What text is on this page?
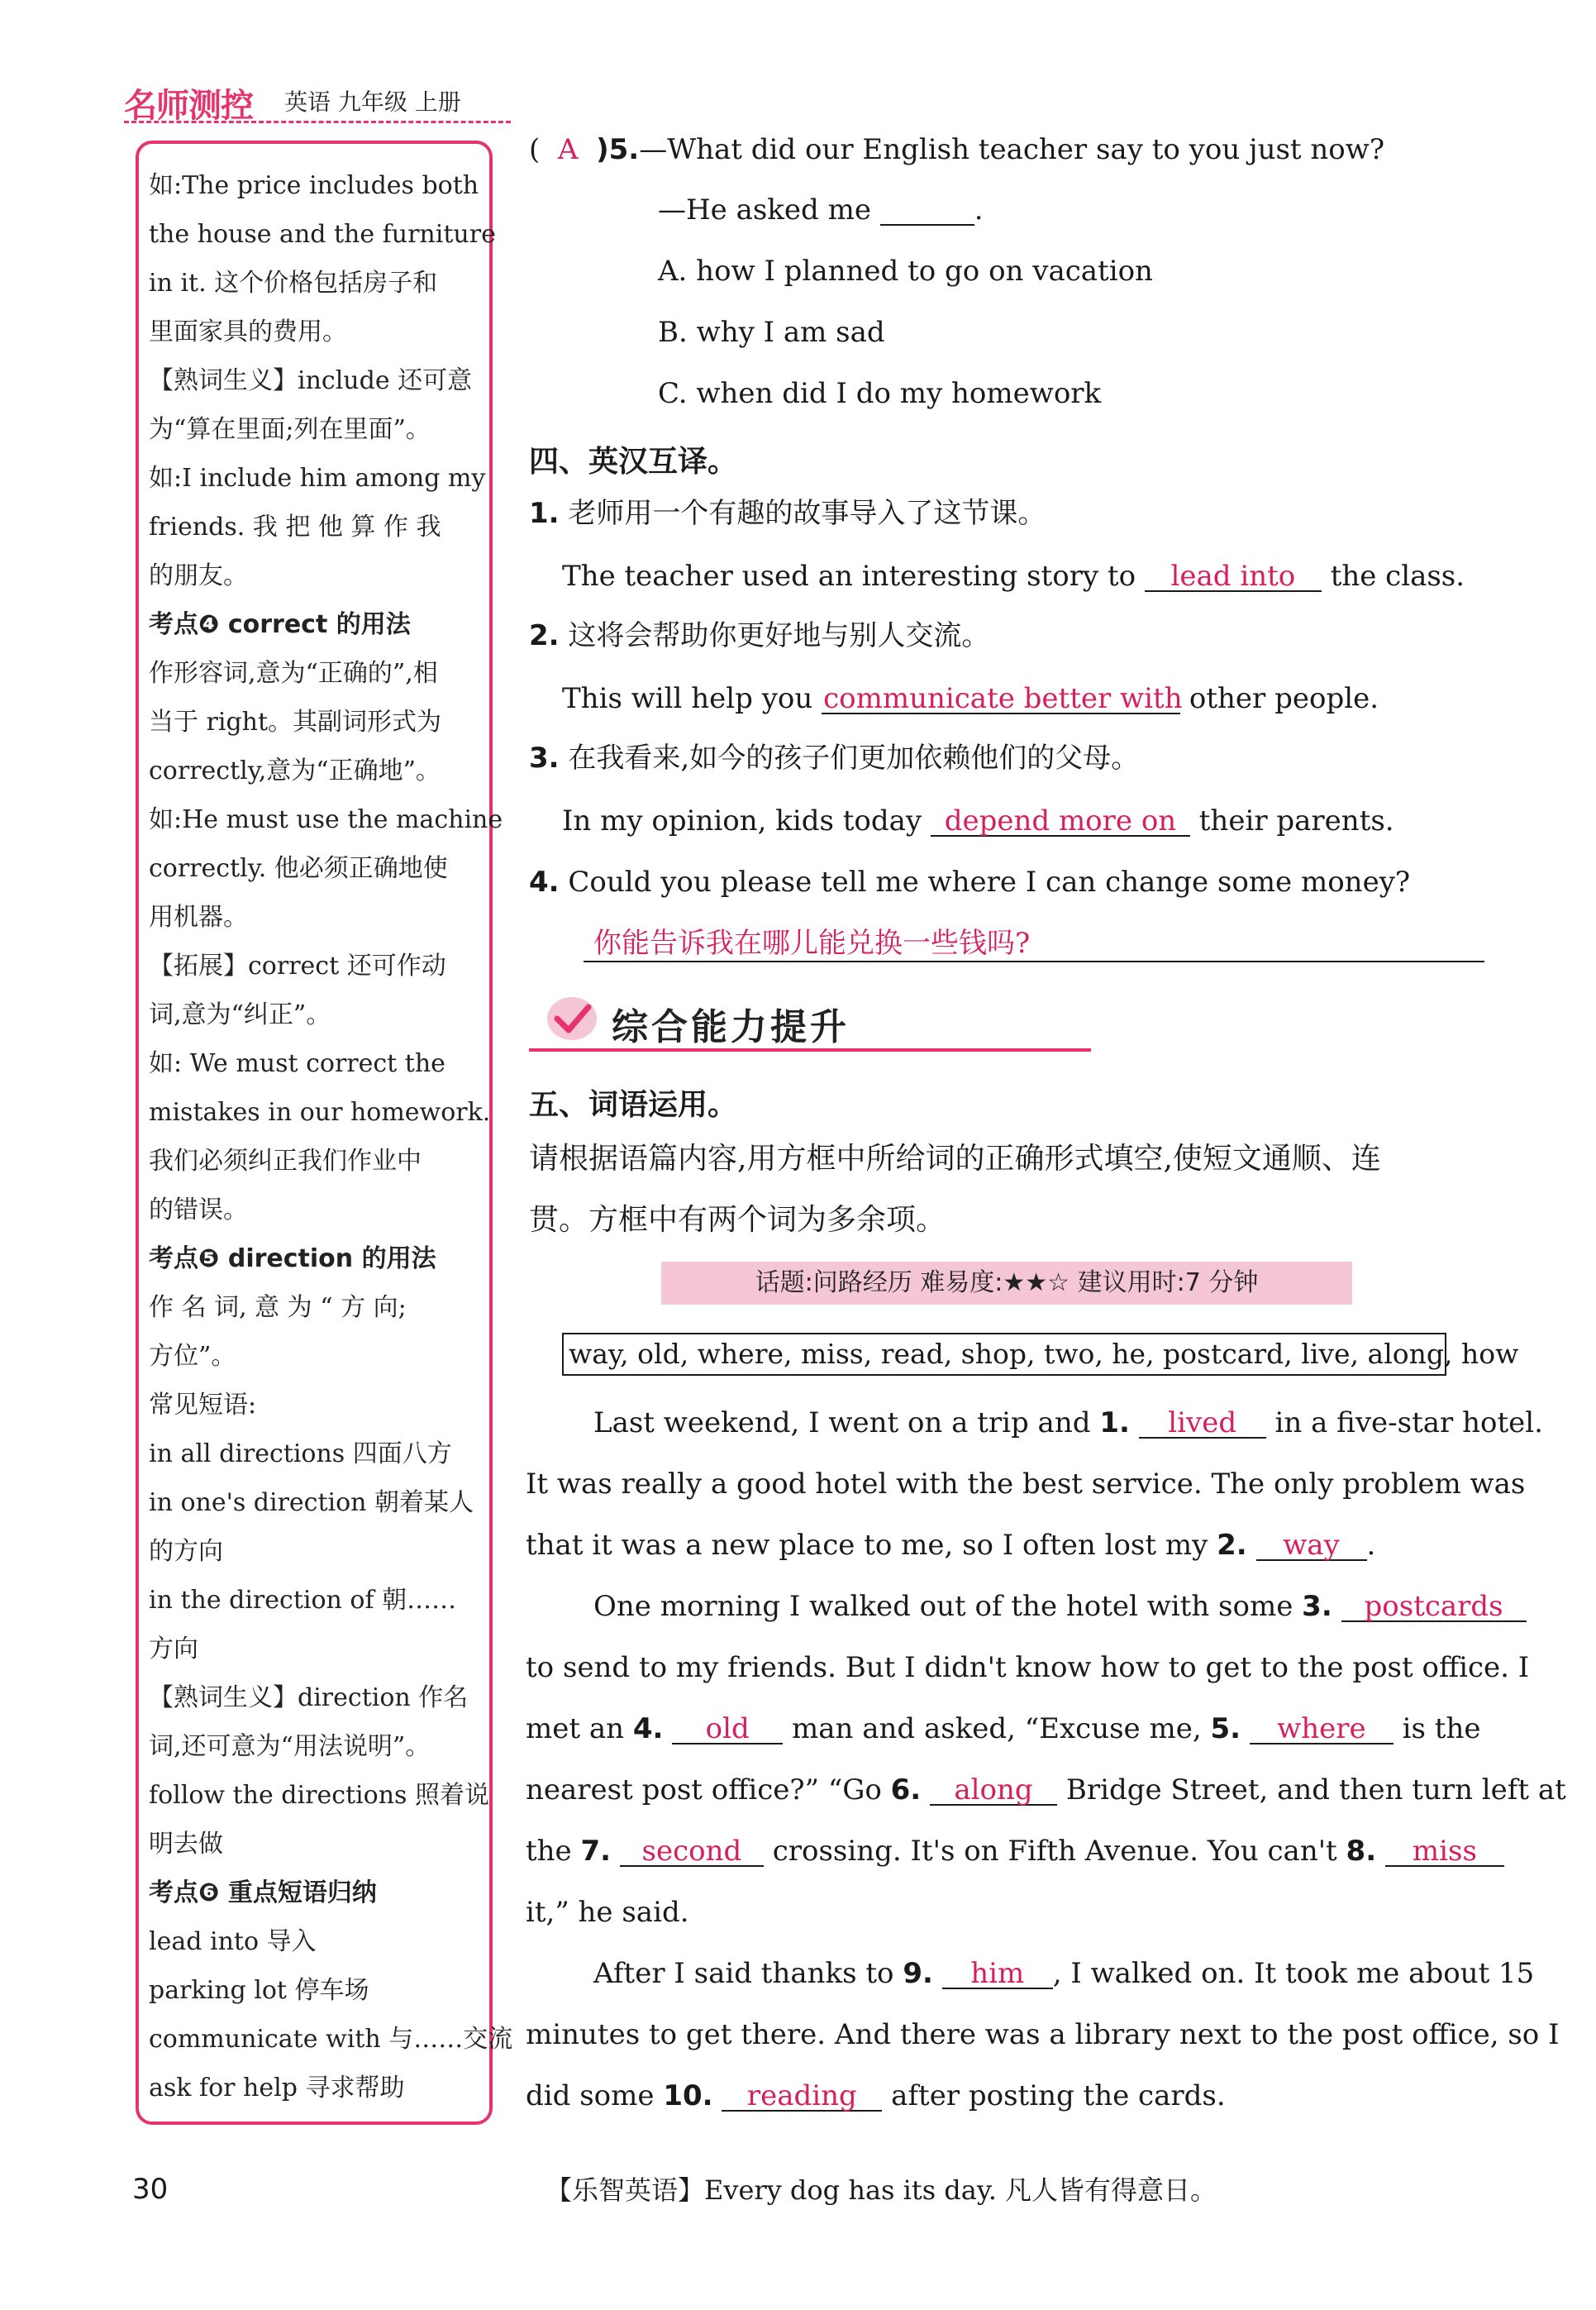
名师测控 英语 九年级 上册
如:The price includes both
the house and the furniture
in it. 这个价格包括房子和
里面家具的费用。
【熟词生义】include 还可意
为“算在里面;列在里面”。
如:I include him among my
friends. 我 把 他 算 作 我
的朋友。
考点❹ correct 的用法
作形容词,意为“正确的”,相
当于 right。其副词形式为
correctly,意为“正确地”。
如:He must use the machine
correctly. 他必须正确地使
用机器。
【拓展】correct 还可作动
词,意为“纠正”。
如: We must correct the
mistakes in our homework.
我们必须纠正我们作业中
的错误。
考点❺ direction 的用法
作 名 词, 意 为 “ 方 向;
方位”。
常见短语:
in all directions 四面八方
in one's direction 朝着某人
的方向
in the direction of 朝……
方向
【熟词生义】direction 作名
词,还可意为“用法说明”。
follow the directions 照着说
明去做
考点❻ 重点短语归纳
lead into 导入
parking lot 停车场
communicate with 与……交流
ask for help 寻求帮助
(  A )5.—What did our English teacher say to you just now?
—He asked me	.
A. how I planned to go on vacation
B. why I am sad
C. when did I do my homework
四、英汉互译。
1. 老师用一个有趣的故事导入了这节课。
The teacher used an interesting story to lead into the class.
2. 这将会帮助你更好地与别人交流。
This will help you communicate better with other people.
3. 在我看来,如今的孩子们更加依赖他们的父母。
In my opinion, kids today depend more on their parents.
4. Could you please tell me where I can change some money?
你能告诉我在哪儿能兑换一些钱吗?
综合能力提升
五、词语运用。
请根据语篇内容,用方框中所给词的正确形式填空,使短文通顺、连
贯。方框中有两个词为多余项。
话题:问路经历 难易度:★★☆ 建议用时:7 分钟
way, old, where, miss, read, shop, two, he, postcard, live, along, how
Last weekend, I went on a trip and 1. lived in a five-star hotel.
It was really a good hotel with the best service. The only problem was
that it was a new place to me, so I often lost my 2. way .
One morning I walked out of the hotel with some 3. postcards
to send to my friends. But I didn't know how to get to the post office. I
met an 4. old man and asked, “Excuse me, 5. where is the
nearest post office?” “Go 6. along Bridge Street, and then turn left at
the 7. second crossing. It's on Fifth Avenue. You can't 8. miss
it,” he said.
After I said thanks to 9. him , I walked on. It took me about 15
minutes to get there. And there was a library next to the post office, so I
did some 10. reading after posting the cards.
30	【乐智英语】Every dog has its day. 凡人皆有得意日。
